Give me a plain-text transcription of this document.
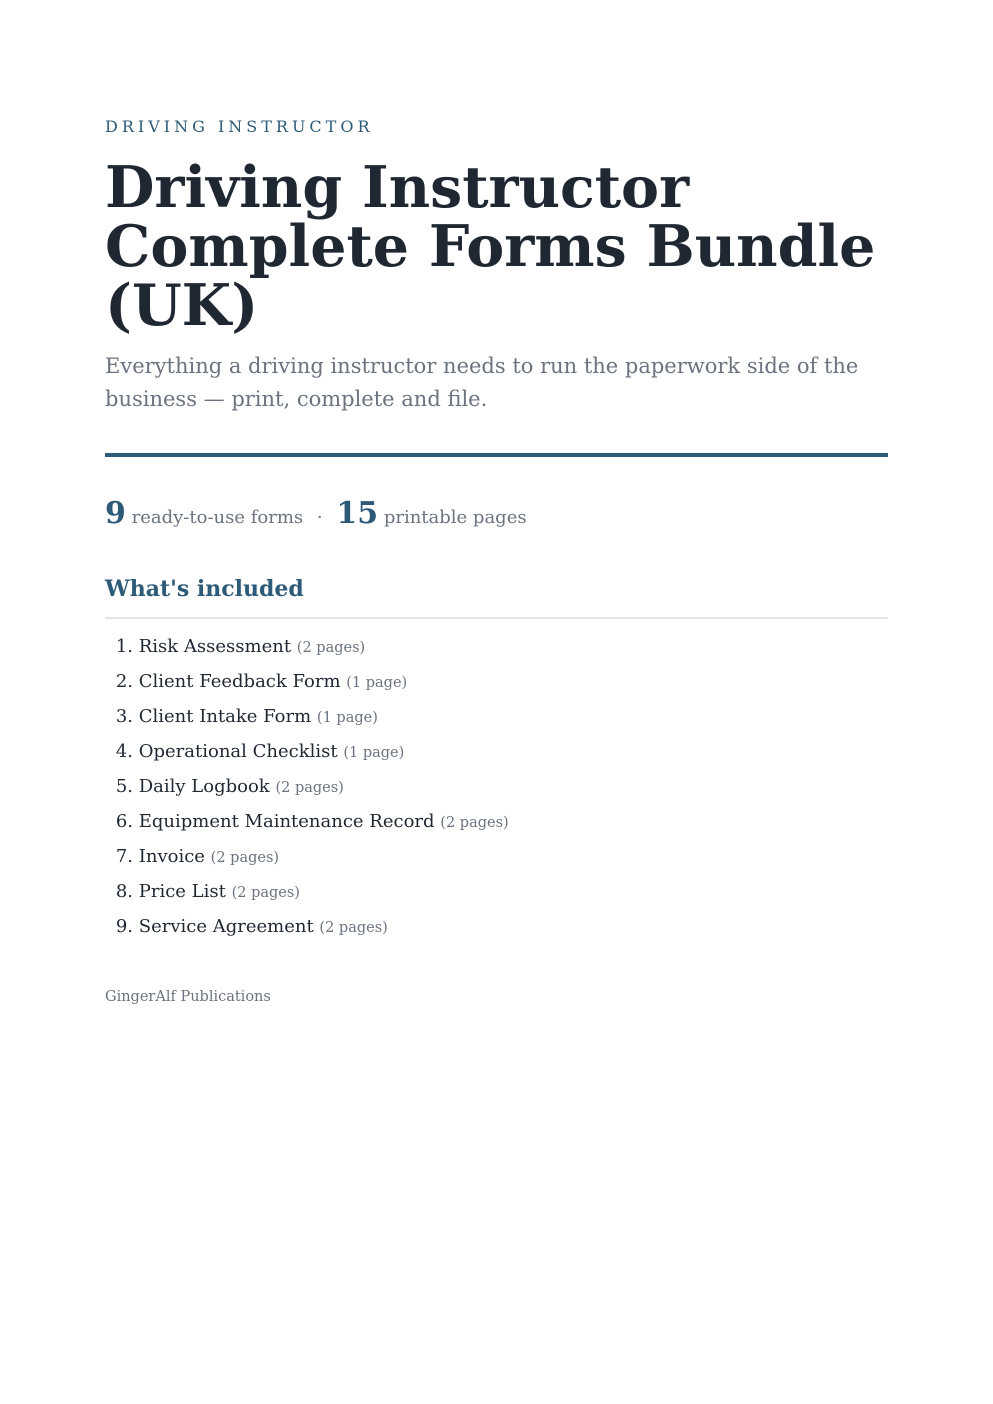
DRIVING INSTRUCTOR
Driving Instructor Complete Forms Bundle (UK)

Everything a driving instructor needs to run the paperwork side of the business — print, complete and file.

9 ready-to-use forms · 15 printable pages
What's included
1. Risk Assessment (2 pages)
2. Client Feedback Form (1 page)
3. Client Intake Form (1 page)
4. Operational Checklist (1 page)
5. Daily Logbook (2 pages)
6. Equipment Maintenance Record (2 pages)
7. Invoice (2 pages)
8. Price List (2 pages)
9. Service Agreement (2 pages)
GingerAlf Publications
